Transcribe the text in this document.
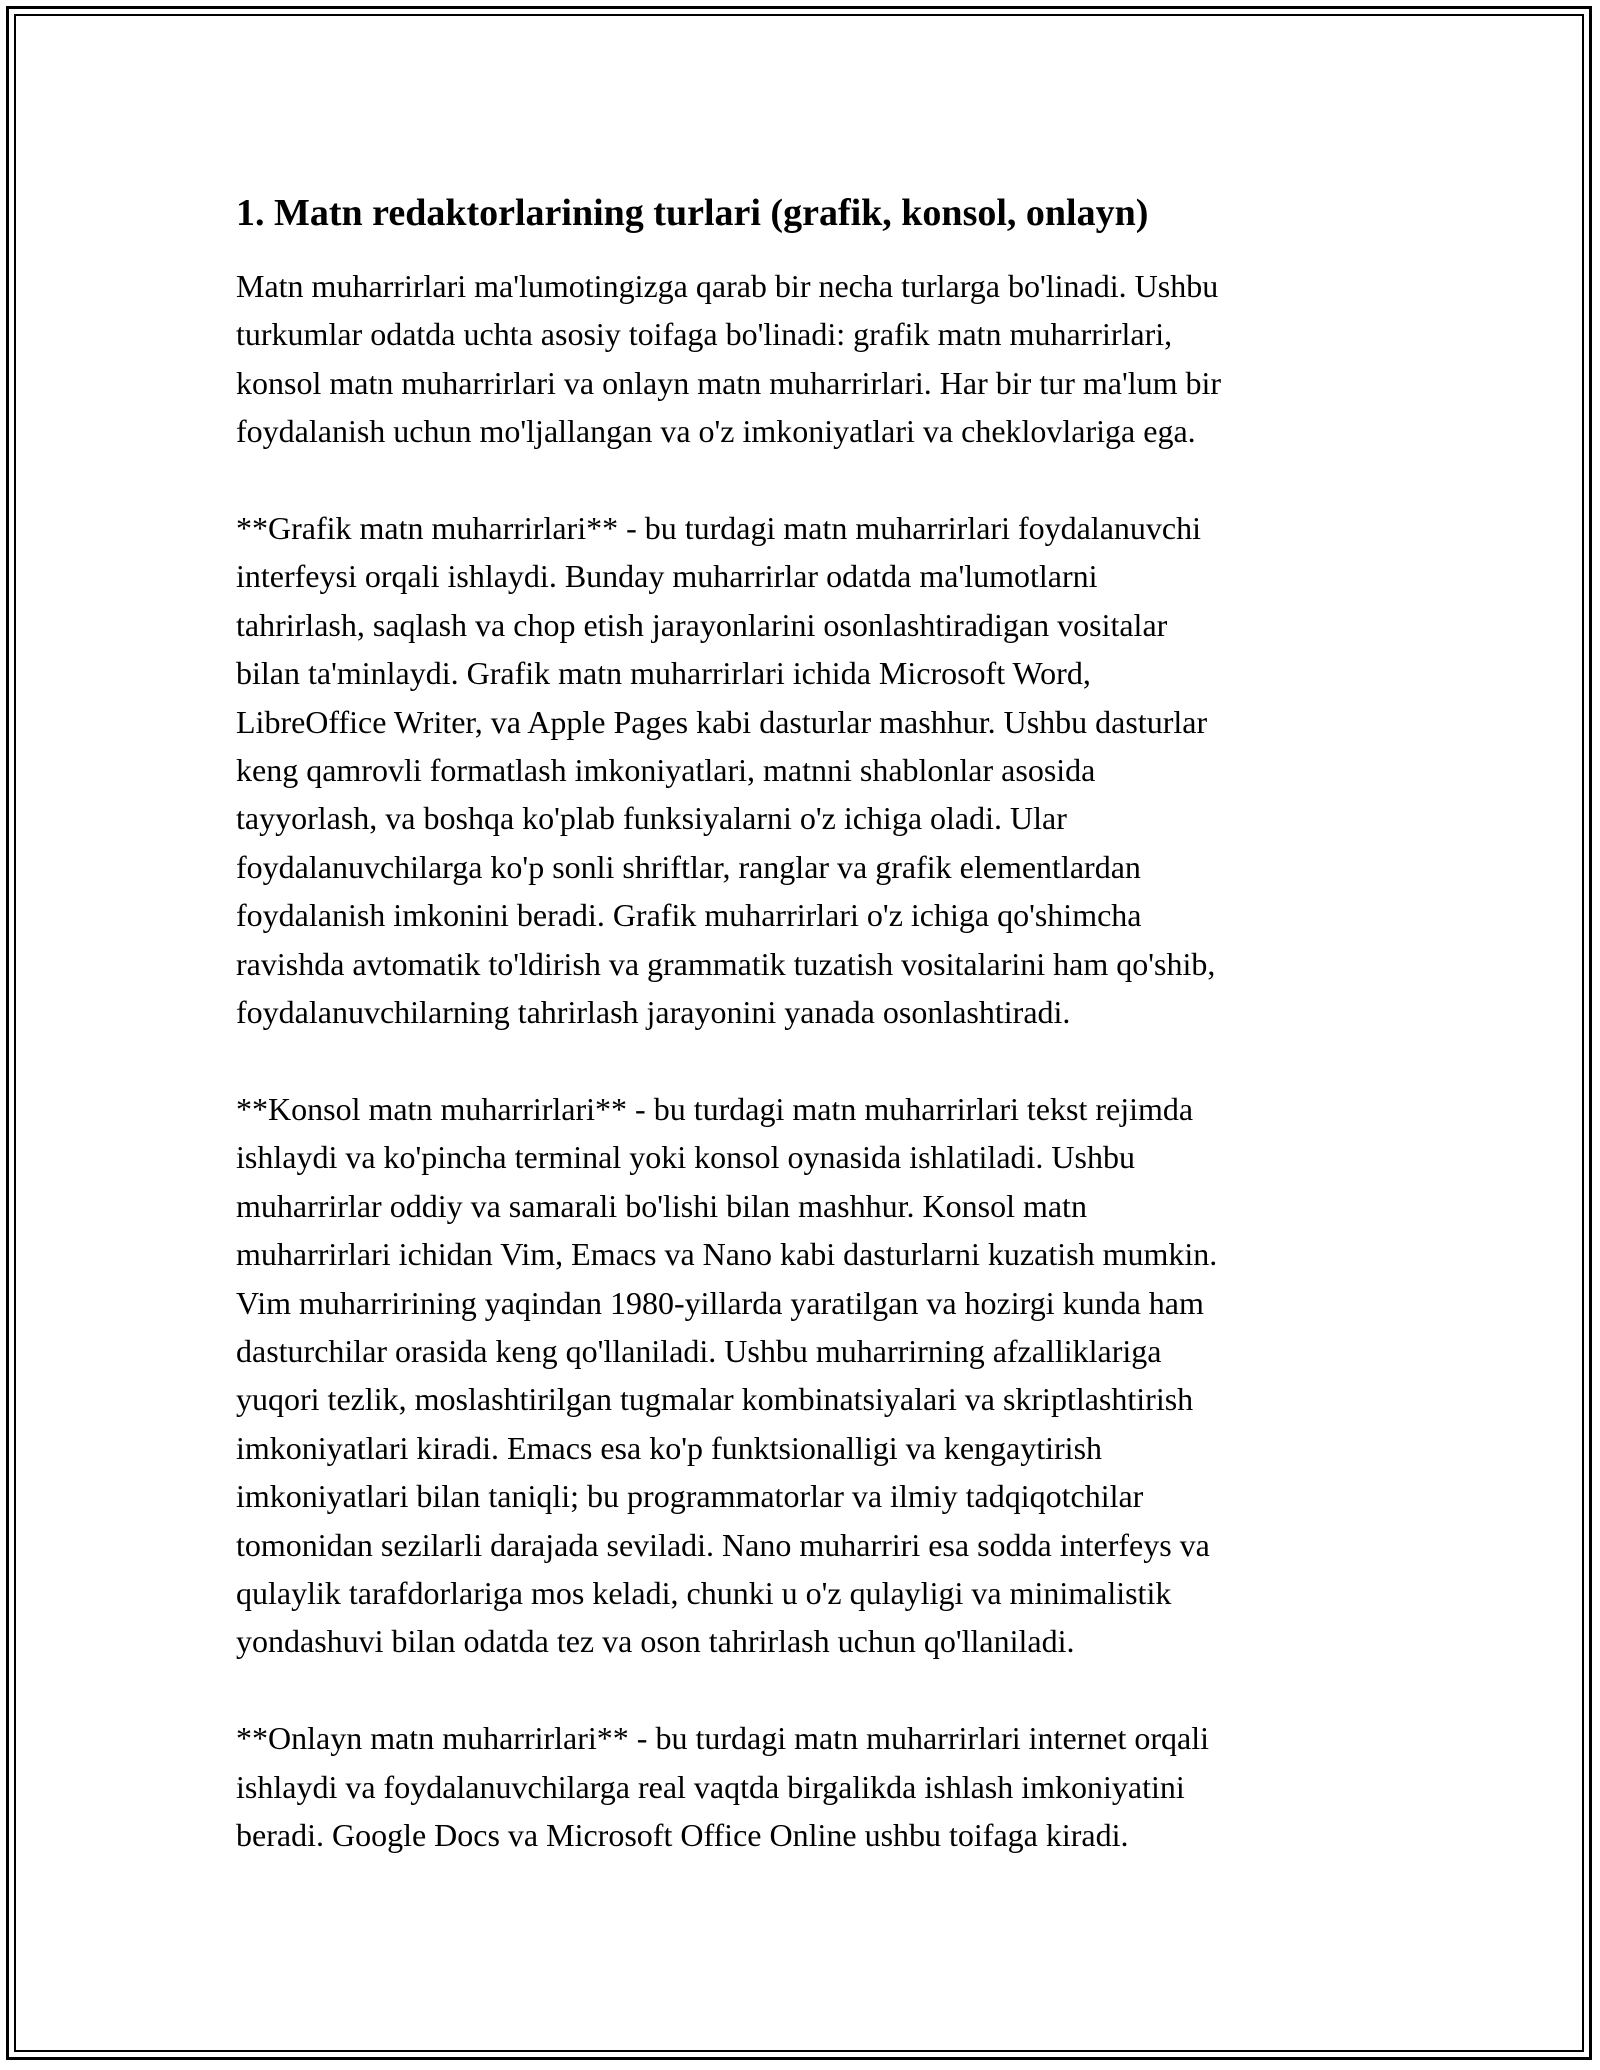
1. Matn redaktorlarining turlari (grafik, konsol, onlayn)
Matn muharrirlari ma'lumotingizga qarab bir necha turlarga bo'linadi. Ushbu
turkumlar odatda uchta asosiy toifaga bo'linadi: grafik matn muharrirlari,
konsol matn muharrirlari va onlayn matn muharrirlari. Har bir tur ma'lum bir
foydalanish uchun mo'ljallangan va o'z imkoniyatlari va cheklovlariga ega.
**Grafik matn muharrirlari** - bu turdagi matn muharrirlari foydalanuvchi
interfeysi orqali ishlaydi. Bunday muharrirlar odatda ma'lumotlarni
tahrirlash, saqlash va chop etish jarayonlarini osonlashtiradigan vositalar
bilan ta'minlaydi. Grafik matn muharrirlari ichida Microsoft Word,
LibreOffice Writer, va Apple Pages kabi dasturlar mashhur. Ushbu dasturlar
keng qamrovli formatlash imkoniyatlari, matnni shablonlar asosida
tayyorlash, va boshqa ko'plab funksiyalarni o'z ichiga oladi. Ular
foydalanuvchilarga ko'p sonli shriftlar, ranglar va grafik elementlardan
foydalanish imkonini beradi. Grafik muharrirlari o'z ichiga qo'shimcha
ravishda avtomatik to'ldirish va grammatik tuzatish vositalarini ham qo'shib,
foydalanuvchilarning tahrirlash jarayonini yanada osonlashtiradi.
**Konsol matn muharrirlari** - bu turdagi matn muharrirlari tekst rejimda
ishlaydi va ko'pincha terminal yoki konsol oynasida ishlatiladi. Ushbu
muharrirlar oddiy va samarali bo'lishi bilan mashhur. Konsol matn
muharrirlari ichidan Vim, Emacs va Nano kabi dasturlarni kuzatish mumkin.
Vim muharririning yaqindan 1980-yillarda yaratilgan va hozirgi kunda ham
dasturchilar orasida keng qo'llaniladi. Ushbu muharrirning afzalliklariga
yuqori tezlik, moslashtirilgan tugmalar kombinatsiyalari va skriptlashtirish
imkoniyatlari kiradi. Emacs esa ko'p funktsionalligi va kengaytirish
imkoniyatlari bilan taniqli; bu programmatorlar va ilmiy tadqiqotchilar
tomonidan sezilarli darajada seviladi. Nano muharriri esa sodda interfeys va
qulaylik tarafdorlariga mos keladi, chunki u o'z qulayligi va minimalistik
yondashuvi bilan odatda tez va oson tahrirlash uchun qo'llaniladi.
**Onlayn matn muharrirlari** - bu turdagi matn muharrirlari internet orqali
ishlaydi va foydalanuvchilarga real vaqtda birgalikda ishlash imkoniyatini
beradi. Google Docs va Microsoft Office Online ushbu toifaga kiradi.
